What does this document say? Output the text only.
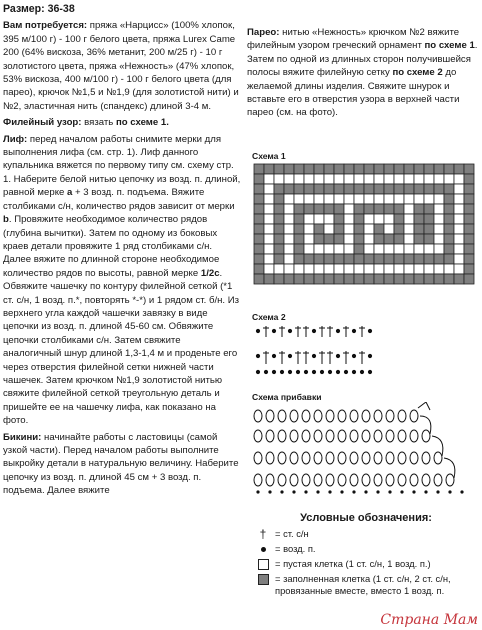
Размер: 36-38

Вам потребуется: пряжа «Нарцисс» (100% хлопок, 395 м/100 г) - 100 г белого цвета, пряжа Lurex Came 200 (64% вискоза, 36% метанит, 200 м/25 г) - 10 г золотистого цвета, пряжа «Нежность» (47% хлопок, 53% вискоза, 400 м/100 г) - 100 г белого цвета (для парео), крючок №1,5 и №1,9 (для золотистой нити) и №2, эластичная нить (спандекс) длиной 3-4 м.

Филейный узор: вязать по схеме 1.

Лиф: перед началом работы снимите мерки для выполнения лифа (см. стр. 1). Лиф данного купальника вяжется по первому типу см. схему стр. 1. Наберите белой нитью цепочку из возд. п. длиной, равной мерке a + 3 возд. п. подъема. Вяжите столбиками с/н, количество рядов зависит от мерки b. Провяжите необходимое количество рядов (глубина вычитки). Затем по одному из боковых краев детали провяжите 1 ряд столбиками с/н. Далее вяжите по длинной стороне необходимое количество рядов по высоты, равной мерке 1/2c. Обвяжите чашечку по контуру филейной сеткой (*1 ст. с/н, 1 возд. п.*, повторять *-*) и 1 рядом ст. б/н. Из верхнего угла каждой чашечки завязку в виде цепочки из возд. п. длиной 45-60 см. Обвяжите цепочки столбиками с/н. Затем свяжите аналогичный шнур длиной 1,3-1,4 м и проденьте его через отверстия филейной сетки нижней части чашечек. Затем крючком №1,9 золотистой нитью свяжите филейной сеткой треугольную деталь и пришейте ее на чашечку лифа, как показано на фото.

Бикини: начинайте работы с ластовицы (самой узкой части). Перед началом работы выполните выкройку детали в натуральную величину. Наберите цепочку из возд. п. длиной 45 см + 3 возд. п. подъема. Далее вяжите

Парео: нитью «Нежность» крючком №2 вяжите филейным узором греческий орнамент по схеме 1. Затем по одной из длинных сторон получившейся полосы вяжите филейную сетку по схеме 2 до желаемой длины изделия. Свяжите шнурок и вставьте его в отверстия узора в верхней части парео (см. на фото).

Схема 1
Схема 2
Схема прибавки
Условные обозначения:
† = ст. с/н
= возд. п.
= пустая клетка (1 ст. с/н, 1 возд. п.)
= заполненная клетка (1 ст. с/н, 2 ст. с/н, провязанные вместе, вместо 1 возд. п.
Страна Мам
